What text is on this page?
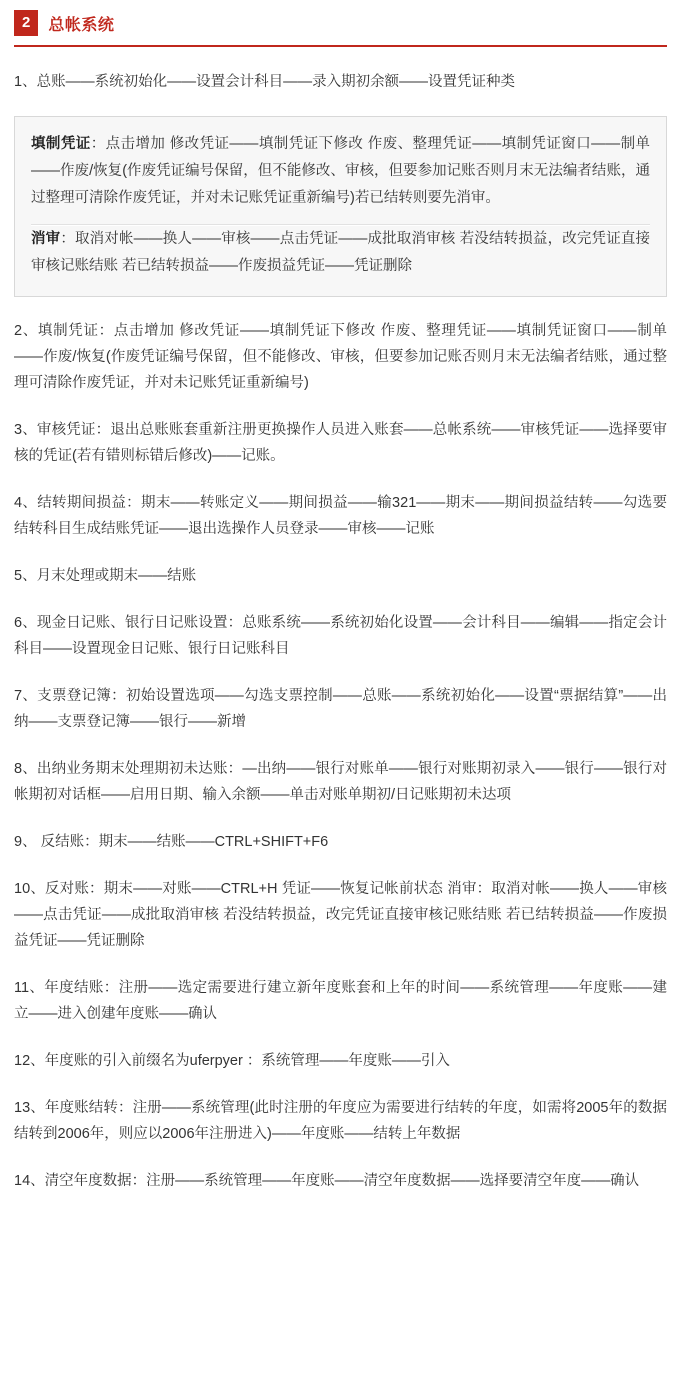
2	总帐系统

1、总账——系统初始化——设置会计科目——录入期初余额——设置凭证种类

填制凭证：点击增加 修改凭证——填制凭证下修改 作废、整理凭证——填制凭证窗口——制单——作废/恢复(作废凭证编号保留，但不能修改、审核，但要参加记账否则月末无法编者结账，通过整理可清除作废凭证，并对未记账凭证重新编号)若已结转则要先消审。
消审：取消对帐——换人——审核——点击凭证——成批取消审核 若没结转损益，改完凭证直接审核记账结账 若已结转损益——作废损益凭证——凭证删除

2、填制凭证：点击增加 修改凭证——填制凭证下修改 作废、整理凭证——填制凭证窗口——制单——作废/恢复(作废凭证编号保留，但不能修改、审核，但要参加记账否则月末无法编者结账，通过整理可清除作废凭证，并对未记账凭证重新编号)

3、审核凭证：退出总账账套重新注册更换操作人员进入账套——总帐系统——审核凭证——选择要审核的凭证(若有错则标错后修改)——记账。

4、结转期间损益：期末——转账定义——期间损益——输321——期末——期间损益结转——勾选要结转科目生成结账凭证——退出选操作人员登录——审核——记账

5、月末处理或期末——结账

6、现金日记账、银行日记账设置：总账系统——系统初始化设置——会计科目——编辑——指定会计科目——设置现金日记账、银行日记账科目

7、支票登记簿：初始设置选项——勾选支票控制——总账——系统初始化——设置“票据结算”——出纳——支票登记簿——银行——新增

8、出纳业务期末处理期初未达账：—出纳——银行对账单——银行对账期初录入——银行——银行对帐期初对话框——启用日期、输入余额——单击对账单期初/日记账期初未达项

9、 反结账：期末——结账——CTRL+SHIFT+F6

10、反对账：期末——对账——CTRL+H 凭证——恢复记帐前状态 消审：取消对帐——换人——审核——点击凭证——成批取消审核 若没结转损益，改完凭证直接审核记账结账 若已结转损益——作废损益凭证——凭证删除

11、年度结账：注册——选定需要进行建立新年度账套和上年的时间——系统管理——年度账——建立——进入创建年度账——确认

12、年度账的引入前缀名为uferpyer ：系统管理——年度账——引入

13、年度账结转：注册——系统管理(此时注册的年度应为需要进行结转的年度，如需将2005年的数据结转到2006年，则应以2006年注册进入)——年度账——结转上年数据

14、清空年度数据：注册——系统管理——年度账——清空年度数据——选择要清空年度——确认
